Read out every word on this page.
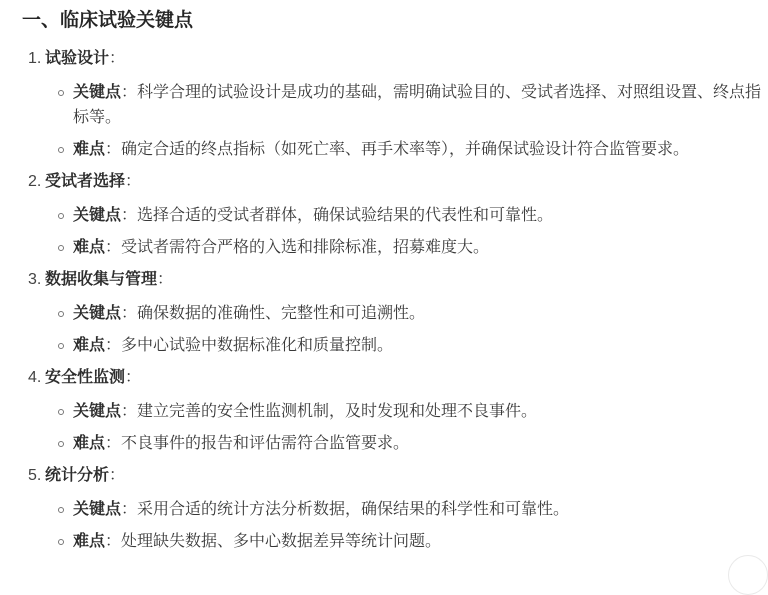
一、临床试验关键点
1. 试验设计：
关键点：科学合理的试验设计是成功的基础，需明确试验目的、受试者选择、对照组设置、终点指标等。
难点：确定合适的终点指标（如死亡率、再手术率等），并确保试验设计符合监管要求。
2. 受试者选择：
关键点：选择合适的受试者群体，确保试验结果的代表性和可靠性。
难点：受试者需符合严格的入选和排除标准，招募难度大。
3. 数据收集与管理：
关键点：确保数据的准确性、完整性和可追溯性。
难点：多中心试验中数据标准化和质量控制。
4. 安全性监测：
关键点：建立完善的安全性监测机制，及时发现和处理不良事件。
难点：不良事件的报告和评估需符合监管要求。
5. 统计分析：
关键点：采用合适的统计方法分析数据，确保结果的科学性和可靠性。
难点：处理缺失数据、多中心数据差异等统计问题。
